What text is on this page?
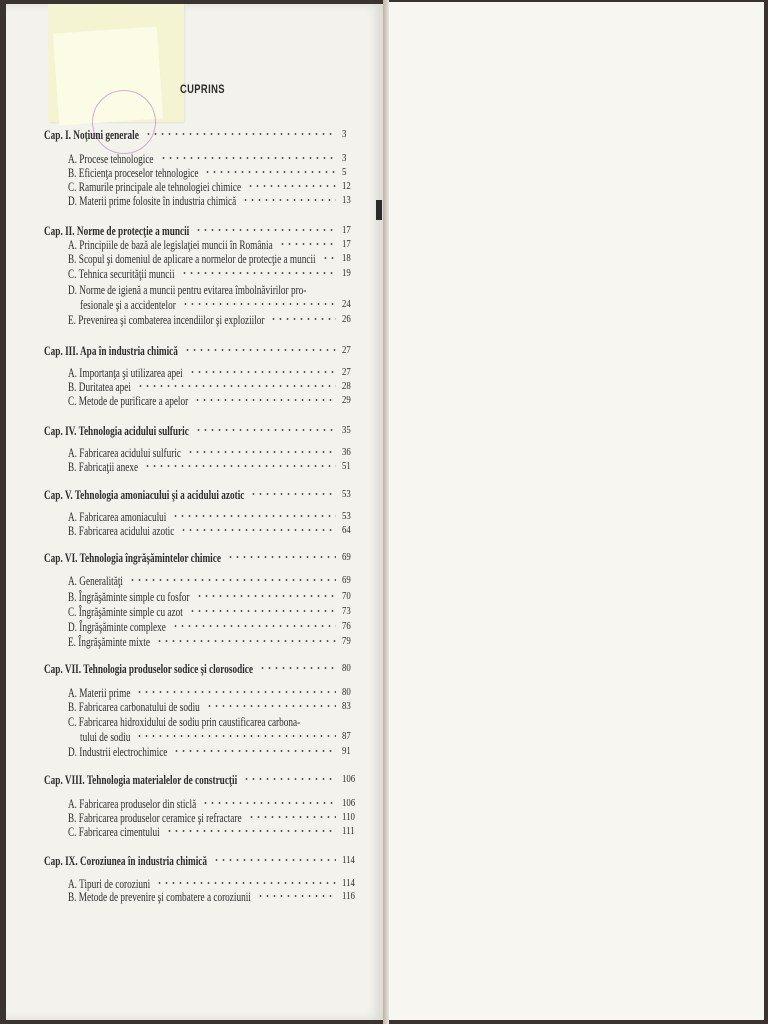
CUPRINS
Cap. I. Noţiuni generale	3
A. Procese tehnologice	3
B. Eficienţa proceselor tehnologice	5
C. Ramurile principale ale tehnologiei chimice	12
D. Materii prime folosite în industria chimică	13
Cap. II. Norme de protecţie a muncii	17
A. Principiile de bază ale legislaţiei muncii în România	17
B. Scopul şi domeniul de aplicare a normelor de protecţie a muncii 18
C. Tehnica securităţii muncii	19
D. Norme de igienă a muncii pentru evitarea îmbolnăvirilor pro-
fesionale şi a accidentelor	24
E. Prevenirea şi combaterea incendiilor şi exploziilor	26
Cap. III. Apa în industria chimică	27
A. Importanţa şi utilizarea apei	27
B. Duritatea apei	28
C. Metode de purificare a apelor	29
Cap. IV. Tehnologia acidului sulfuric	35
A. Fabricarea acidului sulfuric	36
B. Fabricaţii anexe	51
Cap. V. Tehnologia amoniacului şi a acidului azotic	53
A. Fabricarea amoniacului	53
B. Fabricarea acidului azotic	64
Cap. VI. Tehnologia îngrăşămintelor chimice	69
A. Generalităţi	69
B. Îngrăşăminte simple cu fosfor	70
C. Îngrăşăminte simple cu azot	73
D. Îngrăşăminte complexe	76
E. Îngrăşăminte mixte	79
Cap. VII. Tehnologia produselor sodice şi clorosodice	80
A. Materii prime	80
B. Fabricarea carbonatului de sodiu	83
C. Fabricarea hidroxidului de sodiu prin caustificarea carbona-
tului de sodiu	87
D. Industrii electrochimice	91
Cap. VIII. Tehnologia materialelor de construcţii	106
A. Fabricarea produselor din sticlă	106
B. Fabricarea produselor ceramice şi refractare	110
C. Fabricarea cimentului	111
Cap. IX. Coroziunea în industria chimică	114
A. Tipuri de coroziuni	114
B. Metode de prevenire şi combatere a coroziunii	116
